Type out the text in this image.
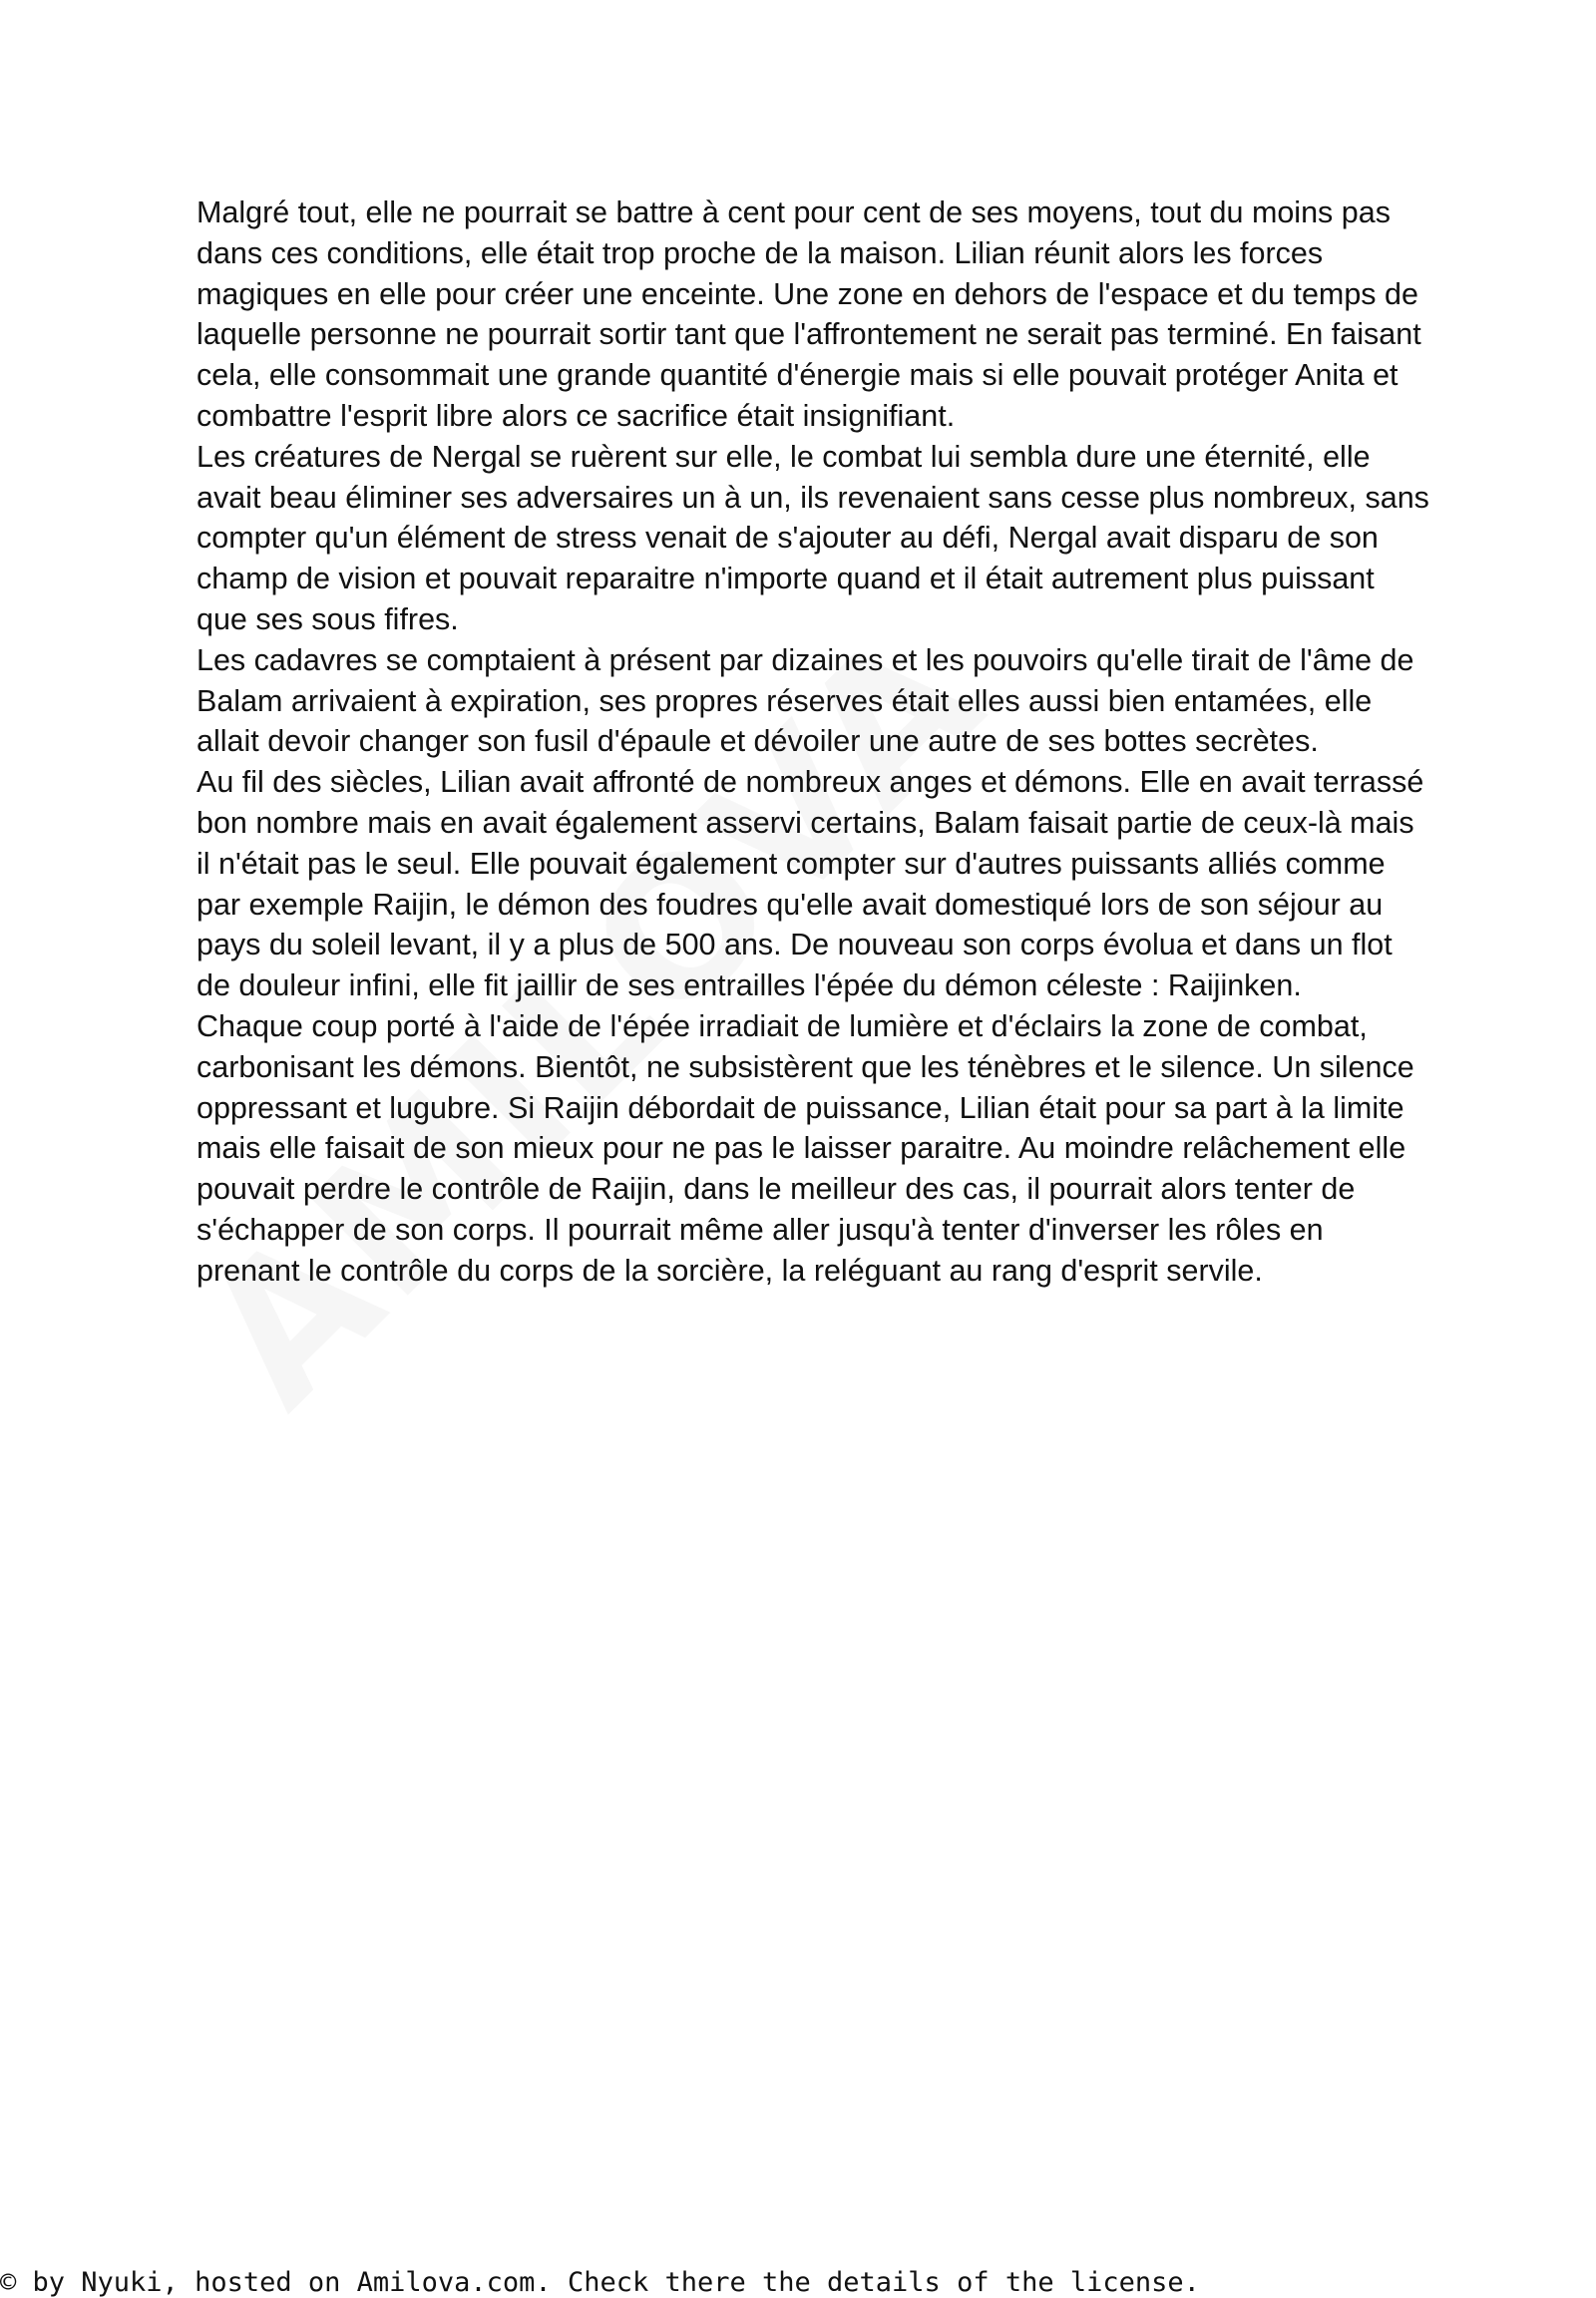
Malgré tout, elle ne pourrait se battre à cent pour cent de ses moyens, tout du moins pas dans ces conditions, elle était trop proche de la maison. Lilian réunit alors les forces magiques en elle pour créer une enceinte. Une zone en dehors de l'espace et du temps de laquelle personne ne pourrait sortir tant que l'affrontement ne serait pas terminé. En faisant cela, elle consommait une grande quantité d'énergie mais si elle pouvait protéger Anita et combattre l'esprit libre alors ce sacrifice était insignifiant.

Les créatures de Nergal se ruèrent sur elle, le combat lui sembla dure une éternité, elle avait beau éliminer ses adversaires un à un, ils revenaient sans cesse plus nombreux, sans compter qu'un élément de stress venait de s'ajouter au défi, Nergal avait disparu de son champ de vision et pouvait reparaitre n'importe quand et il était autrement plus puissant que ses sous fifres.

Les cadavres se comptaient à présent par dizaines et les pouvoirs qu'elle tirait de l'âme de Balam arrivaient à expiration, ses propres réserves était elles aussi bien entamées, elle allait devoir changer son fusil d'épaule et dévoiler une autre de ses bottes secrètes.

Au fil des siècles, Lilian avait affronté de nombreux anges et démons. Elle en avait terrassé bon nombre mais en avait également asservi certains, Balam faisait partie de ceux-là mais il n'était pas le seul. Elle pouvait également compter sur d'autres puissants alliés comme par exemple Raijin, le démon des foudres qu'elle avait domestiqué lors de son séjour au pays du soleil levant, il y a plus de 500 ans. De nouveau son corps évolua et dans un flot de douleur infini, elle fit jaillir de ses entrailles l'épée du démon céleste : Raijinken.

Chaque coup porté à l'aide de l'épée irradiait de lumière et d'éclairs la zone de combat, carbonisant les démons. Bientôt, ne subsistèrent que les ténèbres et le silence. Un silence oppressant et lugubre. Si Raijin débordait de puissance, Lilian était pour sa part à la limite mais elle faisait de son mieux pour ne pas le laisser paraitre. Au moindre relâchement elle pouvait perdre le contrôle de Raijin, dans le meilleur des cas, il pourrait alors tenter de s'échapper de son corps. Il pourrait même aller jusqu'à tenter d'inverser les rôles en prenant le contrôle du corps de la sorcière, la reléguant au rang d'esprit servile.

© by Nyuki, hosted on Amilova.com. Check there the details of the license.
